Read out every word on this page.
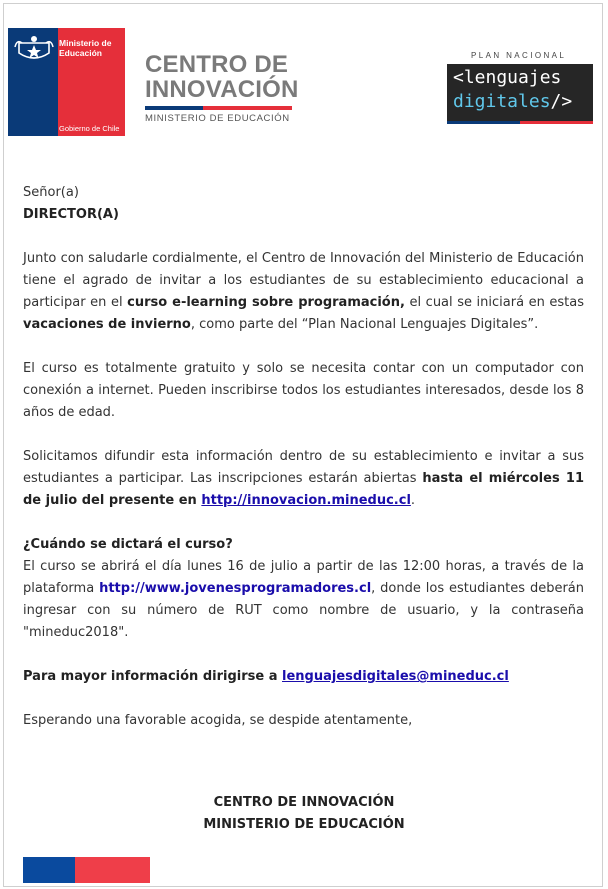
Ministerio de Educación
Gobierno de Chile

CENTRO DE

INNOVACIÓN

MINISTERIO DE EDUCACIÓN
PLAN NACIONAL
<lenguajes
digitales/>

Señor(a)

DIRECTOR(A)

Junto con saludarle cordialmente, el Centro de Innovación del Ministerio de Educación tiene el agrado de invitar a los estudiantes de su establecimiento educacional a participar en el curso e-learning sobre programación, el cual se iniciará en estas vacaciones de invierno, como parte del “Plan Nacional Lenguajes Digitales”.

El curso es totalmente gratuito y solo se necesita contar con un computador con conexión a internet. Pueden inscribirse todos los estudiantes interesados, desde los 8 años de edad.

Solicitamos difundir esta información dentro de su establecimiento e invitar a sus estudiantes a participar. Las inscripciones estarán abiertas hasta el miércoles 11 de julio del presente en http://innovacion.mineduc.cl.

¿Cuándo se dictará el curso?

El curso se abrirá el día lunes 16 de julio a partir de las 12:00 horas, a través de la plataforma http://www.jovenesprogramadores.cl, donde los estudiantes deberán ingresar con su número de RUT como nombre de usuario, y la contraseña "mineduc2018".

Para mayor información dirigirse a lenguajesdigitales@mineduc.cl

Esperando una favorable acogida, se despide atentamente,

CENTRO DE INNOVACIÓN
MINISTERIO DE EDUCACIÓN
